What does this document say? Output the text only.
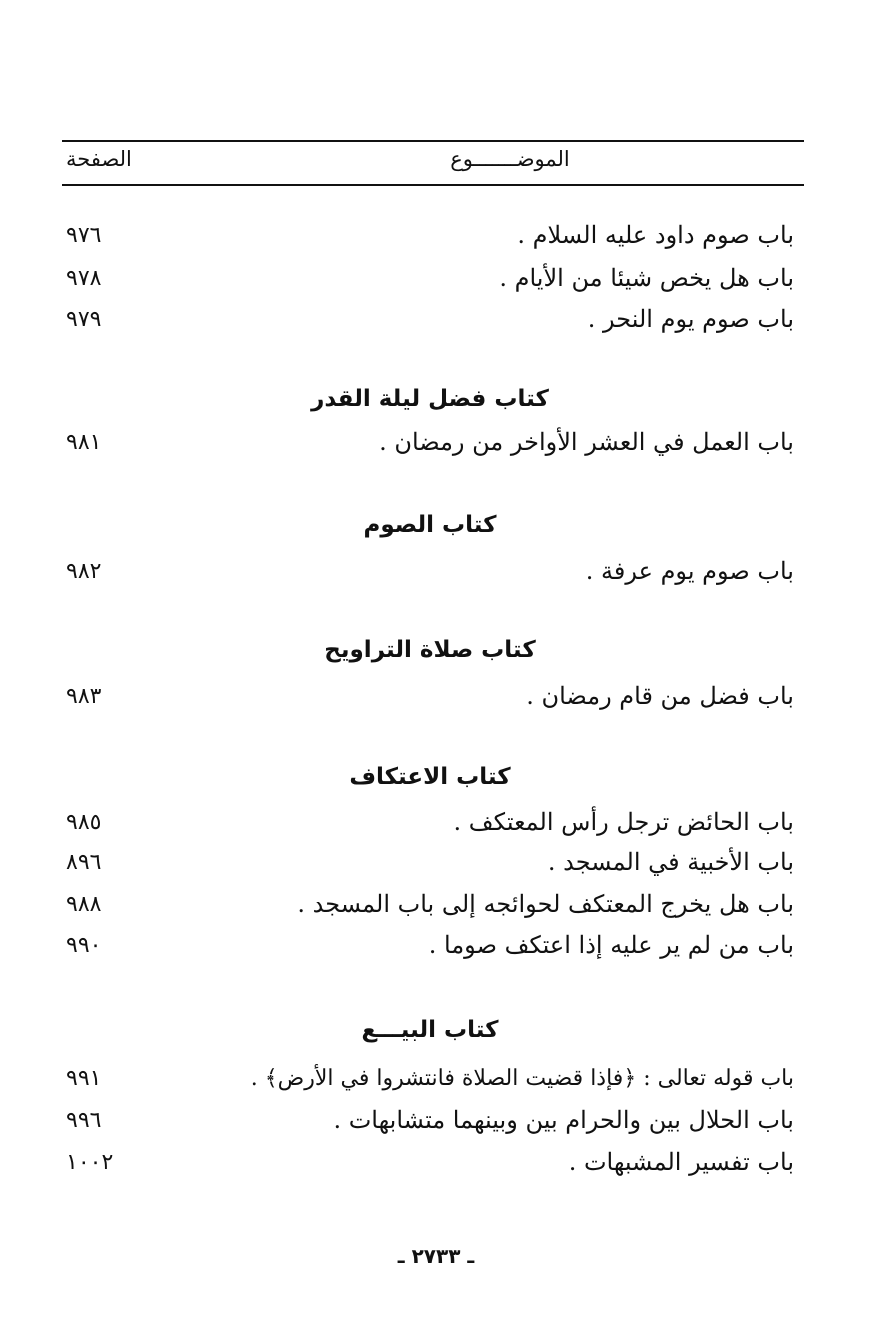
الصفحة	الموضـــــــوع
٩٧٦	باب صوم داود عليه السلام .
٩٧٨	باب هل يخص شيئا من الأيام .
٩٧٩	باب صوم يوم النحر .
كتاب فضل ليلة القدر
٩٨١	باب العمل في العشر الأواخر من رمضان .
كتاب الصوم
٩٨٢	باب صوم يوم عرفة .
كتاب صلاة التراويح
٩٨٣	باب فضل من قام رمضان .
كتاب الاعتكاف
٩٨٥	باب الحائض ترجل رأس المعتكف .
٨٩٦	باب الأخبية في المسجد .
٩٨٨	باب هل يخرج المعتكف لحوائجه إلى باب المسجد .
٩٩٠	باب من لم ير عليه إذا اعتكف صوما .
كتاب البيـــع
٩٩١	باب قوله تعالى : ﴿فإذا قضيت الصلاة فانتشروا في الأرض﴾ .
٩٩٦	باب الحلال بين والحرام بين وبينهما متشابهات .
١٠٠٢	باب تفسير المشبهات .
ـ ٢٧٣٣ ـ
